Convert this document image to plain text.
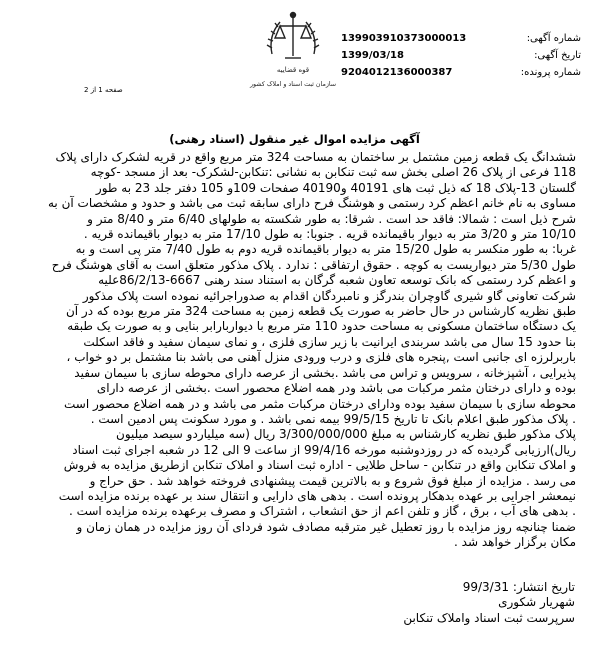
قوه قضاییه
سازمان ثبت اسناد و املاک کشور
شماره آگهی:
139903910373000013
تاریخ آگهی:
1399/03/18
شماره پرونده:
9204012136000387
صفحه 1 از 2
آگهی مزایده اموال غیر منقول (اسناد رهنی)

ششدانگ یک قطعه زمین مشتمل بر ساختمان به مساحت 324 متر مربع واقع در قریه لشکرک دارای پلاک

118 فرعی از پلاک 26 اصلی بخش سه ثبت تنکابن به نشانی :تنکابن-لشکرک- بعد از مسجد -کوچه

گلستان 13-پلاک 18 که ذیل ثبت های 40191 و40190 صفحات 109و 105 دفتر جلد 23 به طور

مساوی به نام خانم اعظم کرد رستمی و هوشنگ فرح دارای سابقه ثبت می باشد و حدود و مشخصات آن به

شرح ذیل است : شمالا: فاقد حد است . شرقا: به طور شکسته به طولهای 6/40 متر و 8/40 متر و

10/10 متر و 3/20 متر به دیوار باقیمانده قریه . جنوبا: به طول 17/10 متر به دیوار باقیمانده قریه .

غربا: به طور منکسر به طول 15/20 متر به دیوار باقیمانده قریه دوم به طول 7/40 متر پی است و به

طول 5/30 متر دیواریست به کوچه . حقوق ارتفاقی : ندارد . پلاک مذکور متعلق است به آقای هوشنگ فرح

و اعظم کرد رستمی که بانک توسعه تعاون شعبه گرگان به استناد سند رهنی 6667-86/2/13علیه

شرکت تعاونی گاو شیری گاوچران بندرگز و نامبردگان اقدام به صدوراجرائیه نموده است پلاک مذکور

طبق نظریه کارشناس در حال حاضر به صورت یک قطعه زمین به مساحت 324 متر مربع بوده که در آن

یک دستگاه ساختمان مسکونی به مساحت حدود 110 متر مربع با دیواربارابر بنایی و به صورت یک طبقه

بنا حدود 15 سال می باشد سربندی ایرانیت با زیر سازی فلزی ، و نمای سیمان سفید و فاقد اسکلت

باربرلرزه ای جانبی است ,پنجره های فلزی و درب ورودی منزل آهنی می باشد بنا مشتمل بر دو خواب ،

پذیرایی ، آشپزخانه ، سرویس و تراس می باشد .بخشی از عرصه دارای محوطه سازی با سیمان سفید

بوده و دارای درختان مثمر مرکبات می باشد ودر همه اضلاع محصور است .بخشی از عرصه دارای

محوطه سازی با سیمان سفید بوده ودارای درختان مرکبات مثمر می باشد و در همه اضلاع محصور است

. پلاک مذکور طبق اعلام بانک تا تاریخ 99/5/15 بیمه نمی باشد . و مورد سکونت پس ادمین است .

پلاک مذکور طبق نظریه کارشناس به مبلغ 3/300/000/000 ریال (سه میلیاردو سیصد میلیون

ریال)ارزیابی گردیده که در روزدوشنبه مورخه 99/4/16 از ساعت 9 الی 12 در شعبه اجرای ثبت اسناد

و املاک تنکابن واقع در تنکابن - ساحل طلایی - اداره ثبت اسناد و املاک تنکابن ازطریق مزایده به فروش

می رسد . مزایده از مبلغ فوق شروع و به بالاترین قیمت پیشنهادی فروخته خواهد شد . حق حراج و

نیمعشر اجرایی بر عهده بدهکار پرونده است . بدهی های دارایی و انتقال سند بر عهده برنده مزایده است

. بدهی های آب ، برق ، گاز و تلفن اعم از حق انشعاب ، اشتراک و مصرف برعهده برنده مزایده است .

ضمنا چنانچه روز مزایده با روز تعطیل غیر مترقبه مصادف شود فردای آن روز مزایده در همان زمان و

مکان برگزار خواهد شد .

تاریخ انتشار: 99/3/31
شهریار شکوری
سرپرست ثبت اسناد واملاک تنکابن
